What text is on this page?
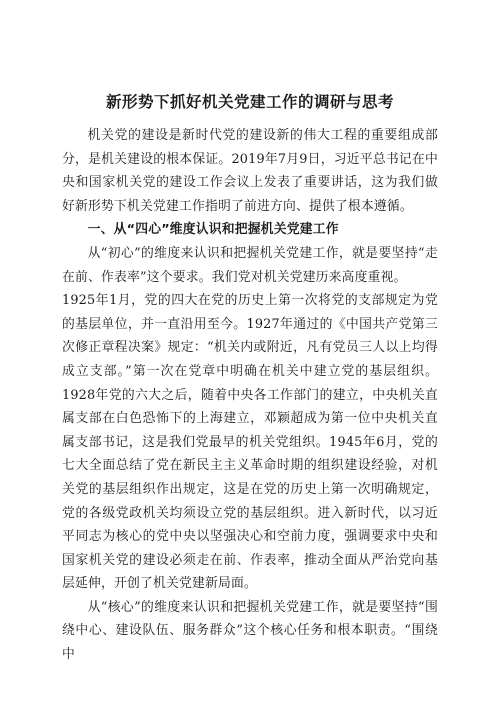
新形势下抓好机关党建工作的调研与思考

机关党的建设是新时代党的建设新的伟大工程的重要组成部分，是机关建设的根本保证。2019年7月9日，习近平总书记在中央和国家机关党的建设工作会议上发表了重要讲话，这为我们做好新形势下机关党建工作指明了前进方向、提供了根本遵循。

一、从“四心”维度认识和把握机关党建工作

从“初心”的维度来认识和把握机关党建工作，就是要坚持“走在前、作表率”这个要求。我们党对机关党建历来高度重视。

1925年1月，党的四大在党的历史上第一次将党的支部规定为党的基层单位，并一直沿用至今。1927年通过的《中国共产党第三次修正章程决案》规定：“机关内或附近，凡有党员三人以上均得成立支部。”第一次在党章中明确在机关中建立党的基层组织。1928年党的六大之后，随着中央各工作部门的建立，中央机关直属支部在白色恐怖下的上海建立，邓颖超成为第一位中央机关直属支部书记，这是我们党最早的机关党组织。1945年6月，党的七大全面总结了党在新民主主义革命时期的组织建设经验，对机关党的基层组织作出规定，这是在党的历史上第一次明确规定，党的各级党政机关均须设立党的基层组织。进入新时代，以习近平同志为核心的党中央以坚强决心和空前力度，强调要求中央和国家机关党的建设必须走在前、作表率，推动全面从严治党向基层延伸，开创了机关党建新局面。

从“核心”的维度来认识和把握机关党建工作，就是要坚持“围绕中心、建设队伍、服务群众”这个核心任务和根本职责。“围绕中
